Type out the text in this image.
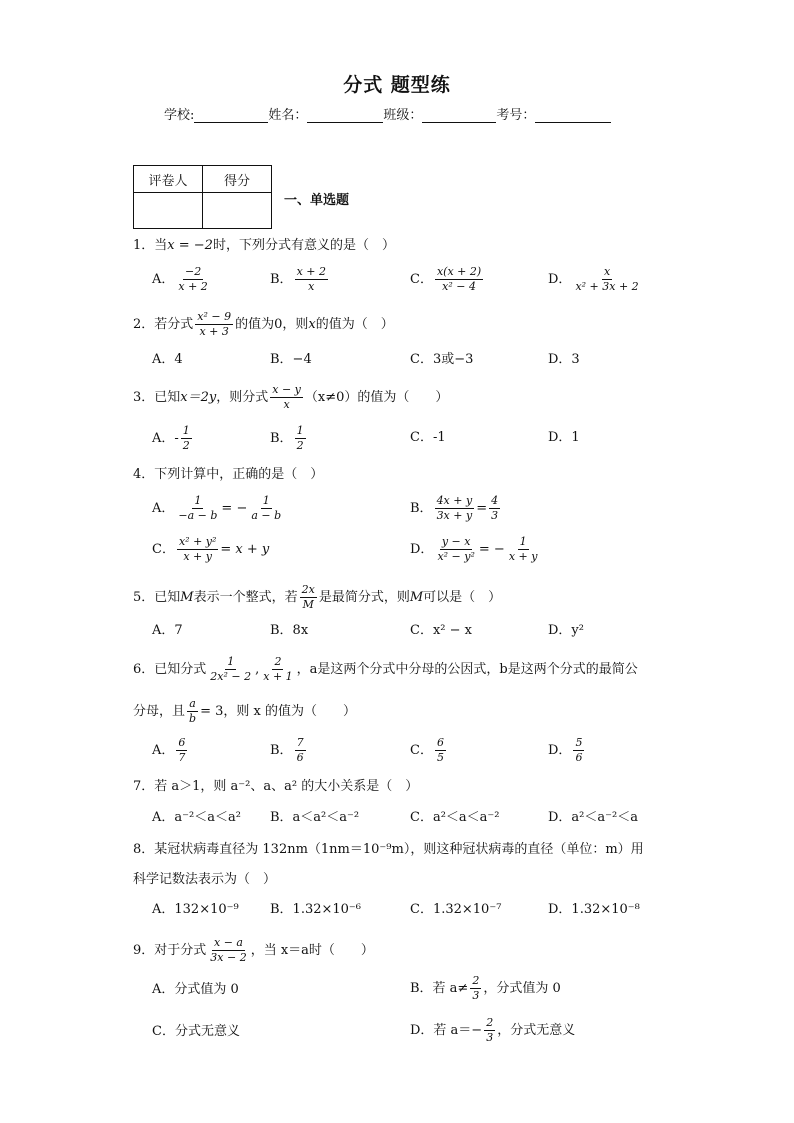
分式 题型练
学校:	姓名：	班级：	考号：
评卷人	得分

一、单选题
1．当x = −2时，下列分式有意义的是（　）
A． $\frac{-2}{x + 2}$	B． $\frac{x + 2}{x}$	C． $\frac{x(x + 2)}{\text{x² − 4}}$	D． $\frac{x}{\text{x² + 3x + 2}}$
2．若分式 $\frac{\text{x² − 9}}{x + 3}$ 的值为0，则x的值为（　）
A．4	B．−4	C．3或−3	D．3
3．已知x＝2y，则分式 $\frac{x - y}{x} (x\ne 0)$的值为（　　）
A．- $\frac{1}{2}$	B． $\frac{1}{2}$	C．-1	D．1
4．下列计算中，正确的是（　）
A． $\frac{1}{-a - b}$ = − $\frac{1}{a - b}$	B． $\frac{4x + y}{3x + y} = \frac{4}{3}$
C． $\frac{\text{x² + y²}}{x + y} = x + y$	D． $\frac{y - x}{\text{x² − y²}}$ = − $\frac{1}{x + y}$
5．已知M表示一个整式，若 $\frac{2x}{M}$ 是最简分式，则M可以是（　）
A．7	B．8x	C．x² − x	D．y²
6．已知分式 $\frac{1}{\text{2x² − 2}}$ , $\frac{2}{x + 1}$ ，a是这两个分式中分母的公因式，b是这两个分式的最简公
分母，且 $\frac{a}{b} = 3$，则 x 的值为（　　）
A． $\frac{6}{7}$	B． $\frac{7}{6}$	C． $\frac{6}{5}$	D． $\frac{5}{6}$
7．若 a＞1，则 a⁻²、a、a² 的大小关系是（　）
A．a⁻²＜a＜a² B．a＜a²＜a⁻²	C．a²＜a＜a⁻²	D．a²＜a⁻²＜a
8．某冠状病毒直径为 132nm（1nm＝10⁻⁹m），则这种冠状病毒的直径（单位：m）用
科学记数法表示为（　）
A．132×10⁻⁹ B．1.32×10⁻⁶	C．1.32×10⁻⁷	D．1.32×10⁻⁸
9．对于分式 $\frac{x - a}{3x - 2}$ ，当 x＝a时（　　）
A．分式值为 0	B．若 $a\ne \frac{2}{3}$ ，分式值为 0
C．分式无意义	D．若 $a=- \frac{2}{3}$ ，分式无意义
